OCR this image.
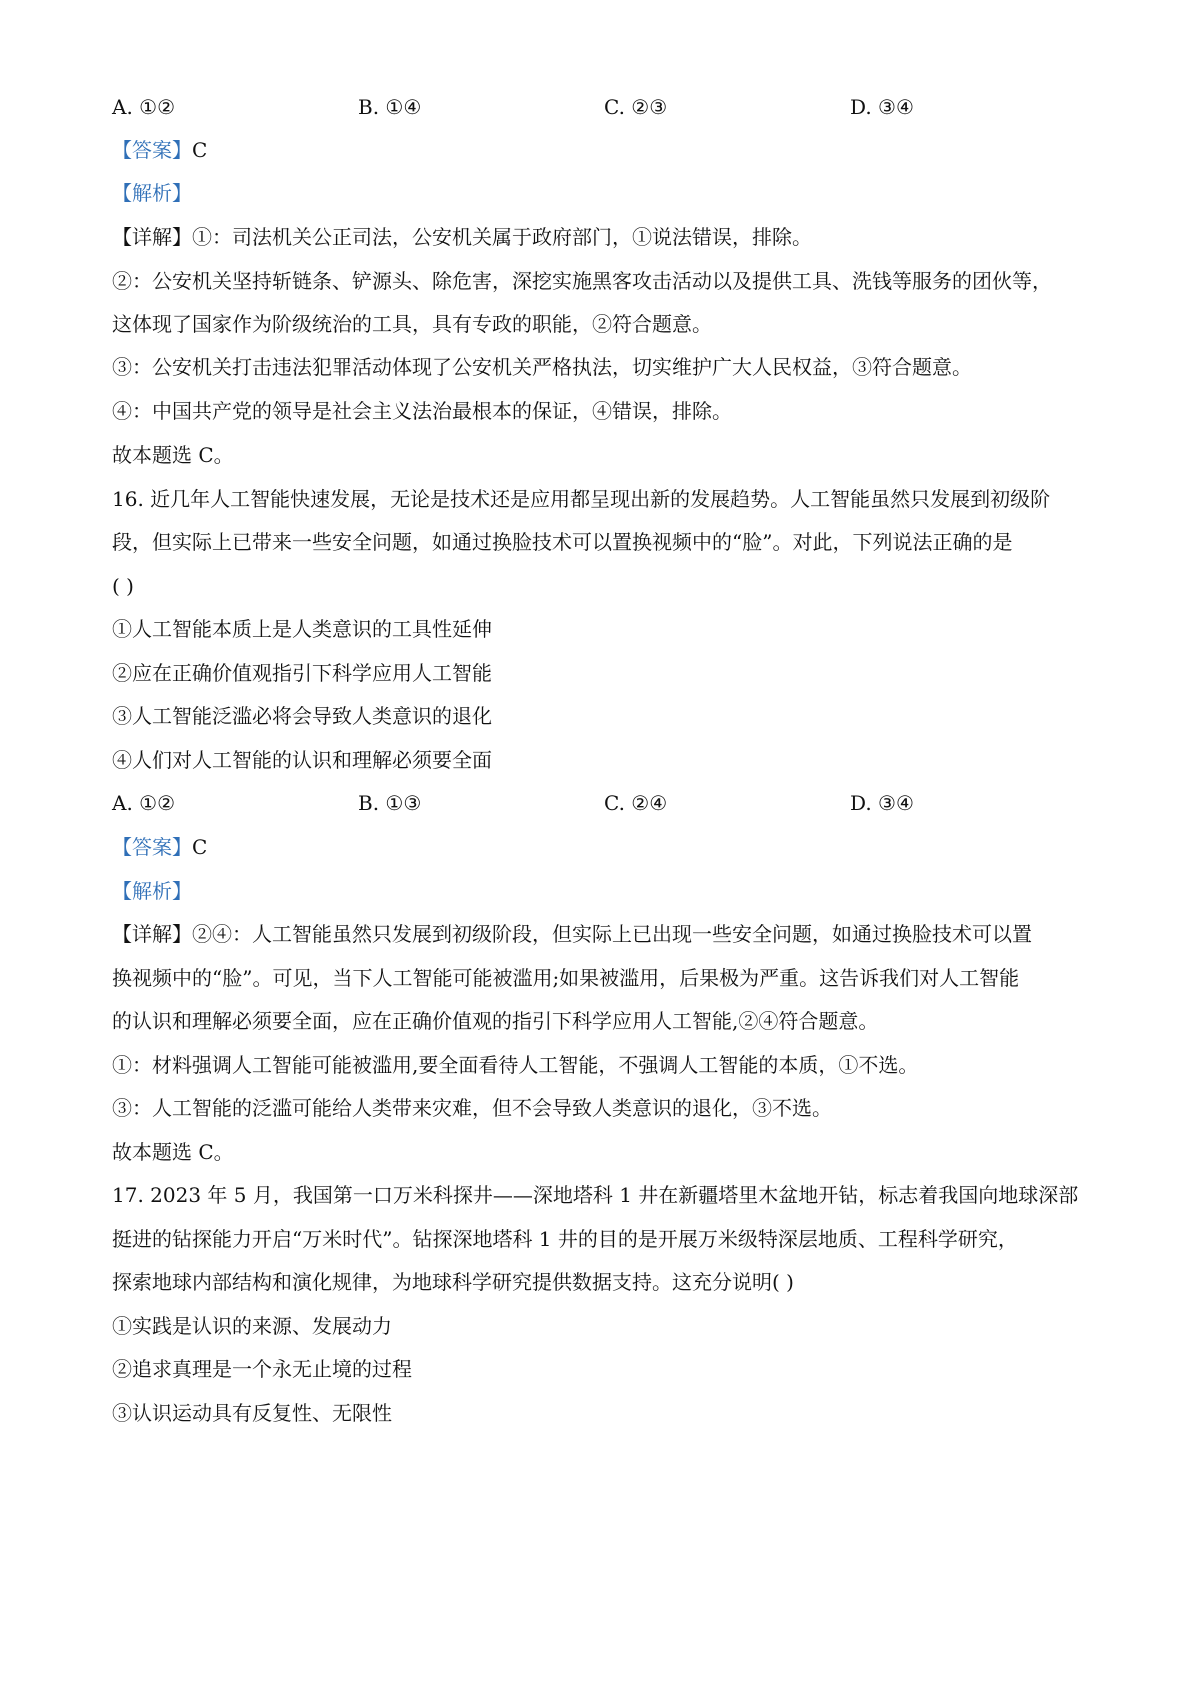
A. ①②	B. ①④	C. ②③	D. ③④
【答案】C
【解析】
【详解】①：司法机关公正司法，公安机关属于政府部门，①说法错误，排除。
②：公安机关坚持斩链条、铲源头、除危害，深挖实施黑客攻击活动以及提供工具、洗钱等服务的团伙等，
这体现了国家作为阶级统治的工具，具有专政的职能，②符合题意。
③：公安机关打击违法犯罪活动体现了公安机关严格执法，切实维护广大人民权益，③符合题意。
④：中国共产党的领导是社会主义法治最根本的保证，④错误，排除。
故本题选 C。
16. 近几年人工智能快速发展，无论是技术还是应用都呈现出新的发展趋势。人工智能虽然只发展到初级阶
段，但实际上已带来一些安全问题，如通过换脸技术可以置换视频中的“脸”。对此，下列说法正确的是
( )
①人工智能本质上是人类意识的工具性延伸
②应在正确价值观指引下科学应用人工智能
③人工智能泛滥必将会导致人类意识的退化
④人们对人工智能的认识和理解必须要全面
A. ①②	B. ①③	C. ②④	D. ③④
【答案】C
【解析】
【详解】②④：人工智能虽然只发展到初级阶段，但实际上已出现一些安全问题，如通过换脸技术可以置
换视频中的“脸”。可见，当下人工智能可能被滥用;如果被滥用，后果极为严重。这告诉我们对人工智能
的认识和理解必须要全面，应在正确价值观的指引下科学应用人工智能,②④符合题意。
①：材料强调人工智能可能被滥用,要全面看待人工智能，不强调人工智能的本质，①不选。
③：人工智能的泛滥可能给人类带来灾难，但不会导致人类意识的退化，③不选。
故本题选 C。
17. 2023 年 5 月，我国第一口万米科探井——深地塔科 1 井在新疆塔里木盆地开钻，标志着我国向地球深部
挺进的钻探能力开启“万米时代”。钻探深地塔科 1 井的目的是开展万米级特深层地质、工程科学研究，
探索地球内部结构和演化规律，为地球科学研究提供数据支持。这充分说明( )
①实践是认识的来源、发展动力
②追求真理是一个永无止境的过程
③认识运动具有反复性、无限性
